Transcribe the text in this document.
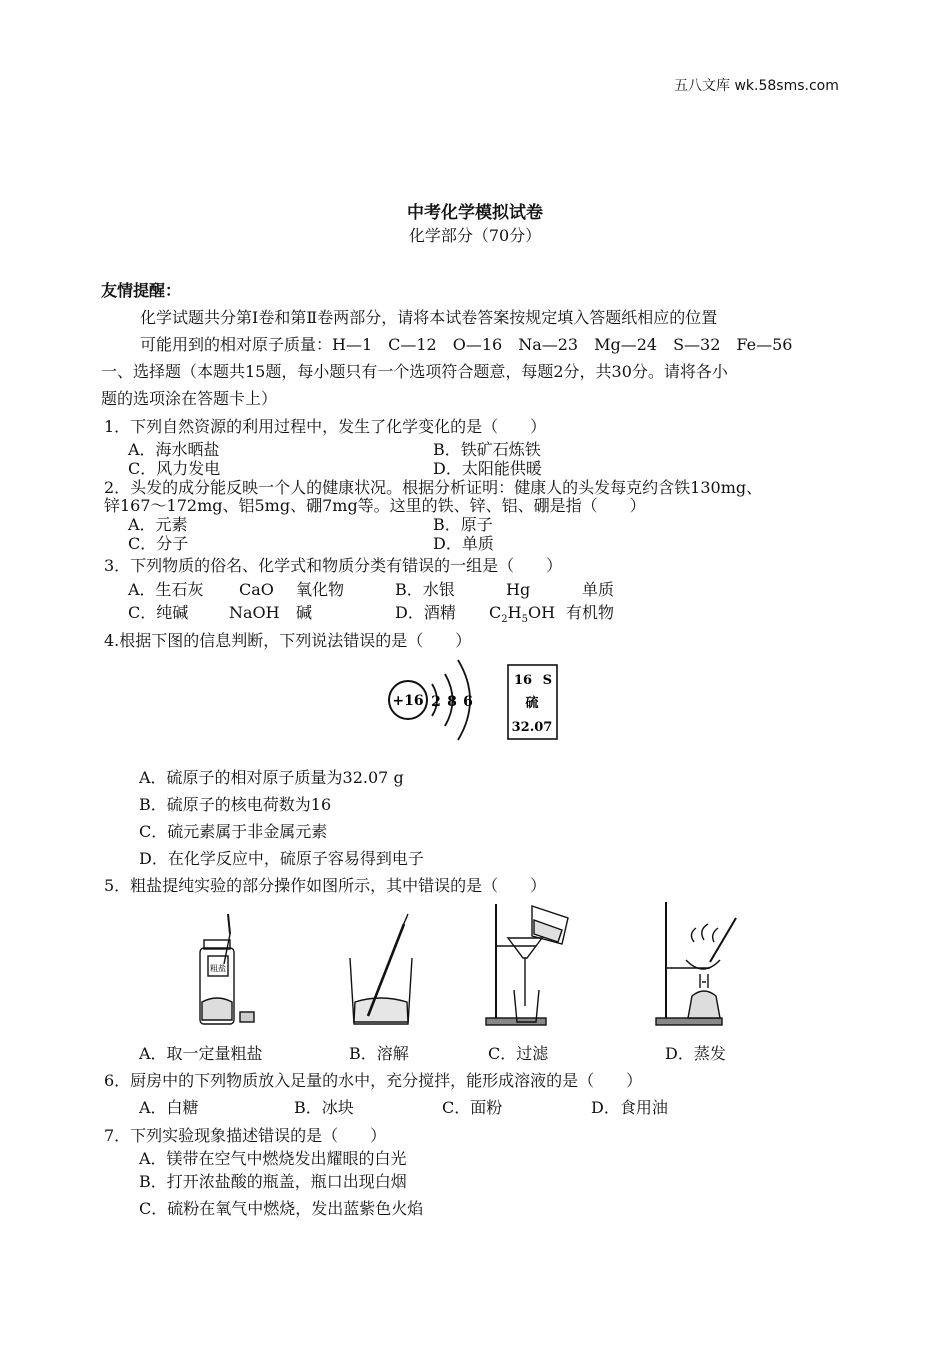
五八文库 wk.58sms.com
中考化学模拟试卷
化学部分（70分）
友情提醒：
化学试题共分第Ⅰ卷和第Ⅱ卷两部分，请将本试卷答案按规定填入答题纸相应的位置
可能用到的相对原子质量：H—1　C—12　O—16　Na—23　Mg—24　S—32　Fe—56
一、选择题（本题共15题，每小题只有一个选项符合题意，每题2分，共30分。请将各小
题的选项涂在答题卡上）
1．下列自然资源的利用过程中，发生了化学变化的是（　　）
A．海水晒盐	B．铁矿石炼铁
C．风力发电	D．太阳能供暖
2．头发的成分能反映一个人的健康状况。根据分析证明：健康人的头发每克约含铁130mg、
锌167～172mg、铝5mg、硼7mg等。这里的铁、锌、铝、硼是指（　　）
A．元素	B．原子
C．分子	D．单质
3．下列物质的俗名、化学式和物质分类有错误的一组是（　　）
A．生石灰 CaO 氧化物	B．水银	Hg	单质
C．纯碱	NaOH 碱	D．酒精 $C_2H_5OH$ 有机物
4.根据下图的信息判断，下列说法错误的是（　　）
+16 2 8 6
16 S
硫
32.07
A．硫原子的相对原子质量为32.07 g
B．硫原子的核电荷数为16
C．硫元素属于非金属元素
D．在化学反应中，硫原子容易得到电子
5．粗盐提纯实验的部分操作如图所示，其中错误的是（　　）
粗盐
A．取一定量粗盐	B．溶解	C．过滤	D．蒸发
6．厨房中的下列物质放入足量的水中，充分搅拌，能形成溶液的是（　　）
A．白糖	B．冰块	C．面粉	D．食用油
7．下列实验现象描述错误的是（　　）
A．镁带在空气中燃烧发出耀眼的白光
B．打开浓盐酸的瓶盖，瓶口出现白烟
C．硫粉在氧气中燃烧，发出蓝紫色火焰
